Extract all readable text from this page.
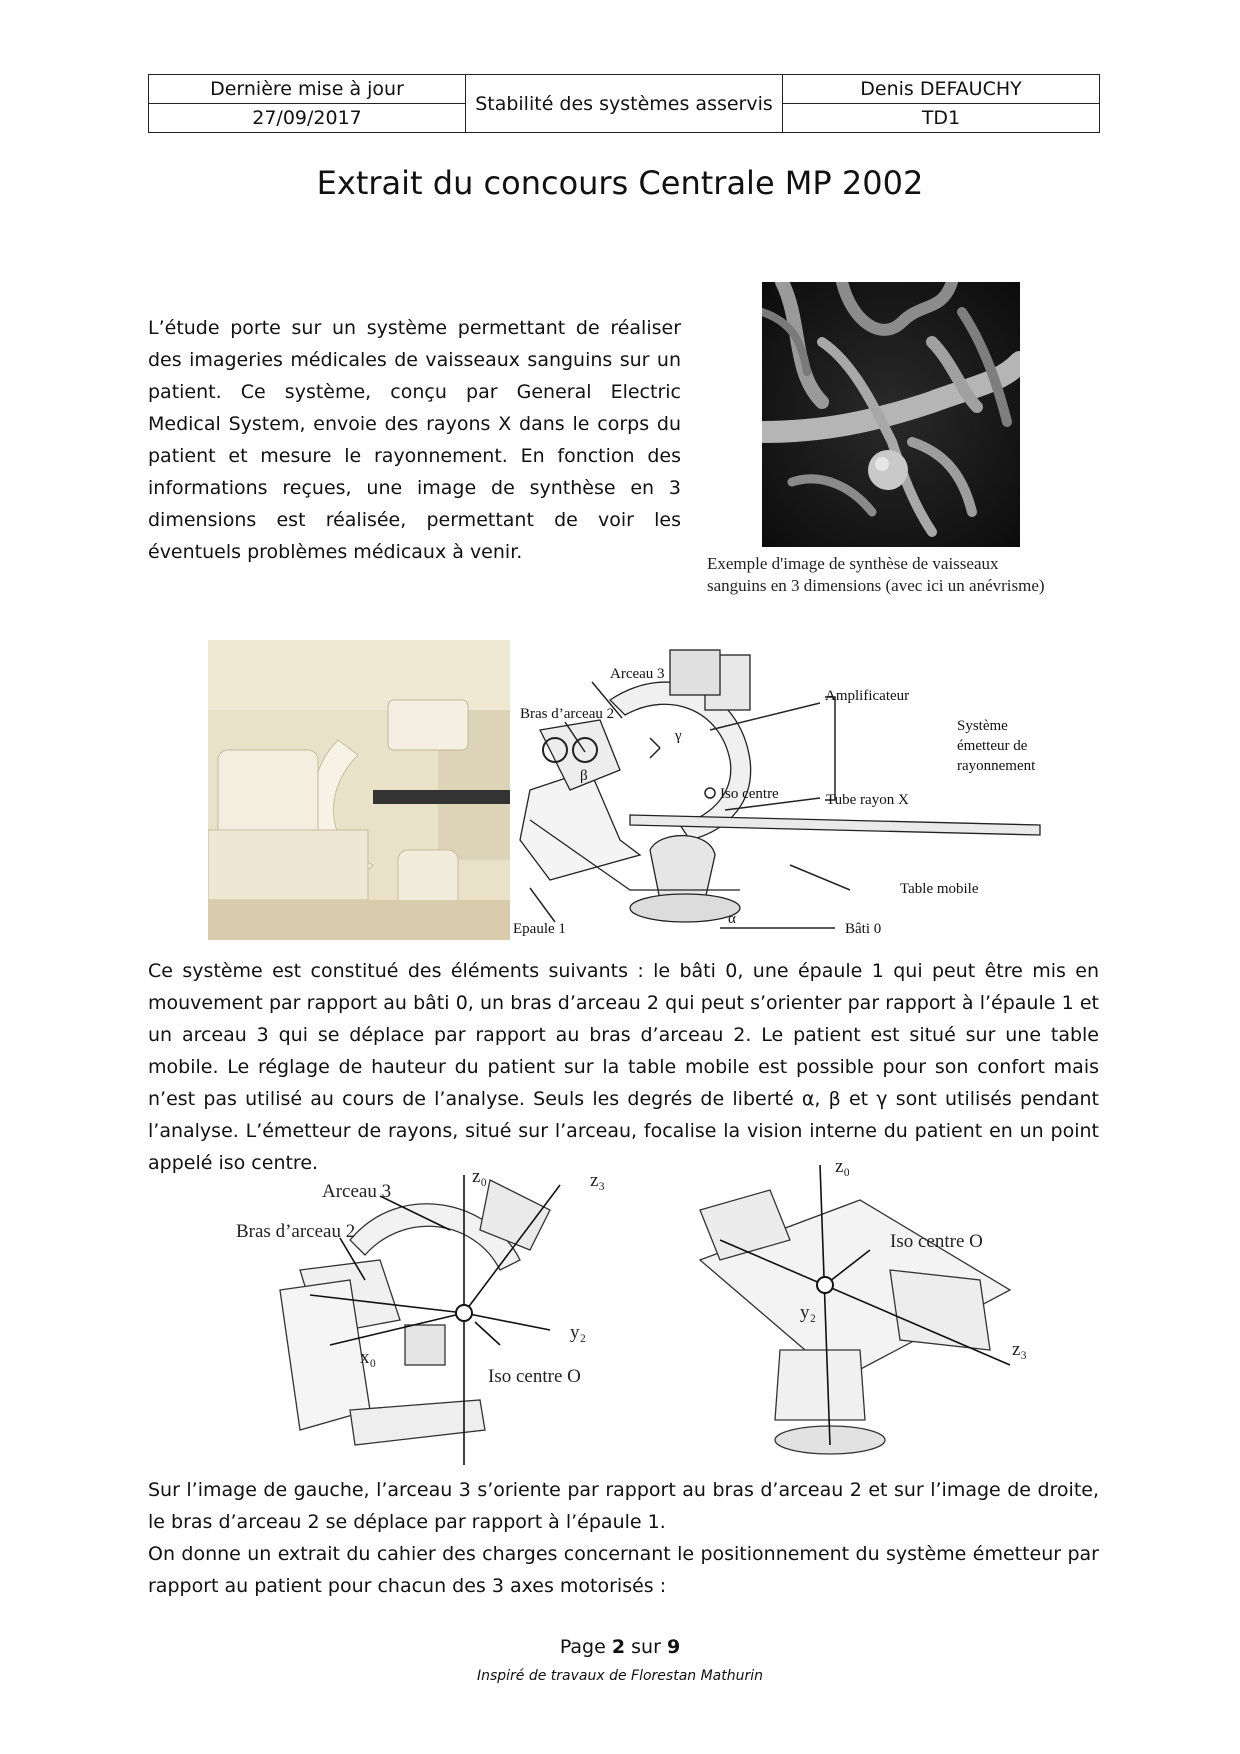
Dernière mise à jour	Stabilité des systèmes asservis	Denis DEFAUCHY
27/09/2017		TD1
Extrait du concours Centrale MP 2002
L’étude porte sur un système permettant de réaliser des imageries médicales de vaisseaux sanguins sur un patient. Ce système, conçu par General Electric Medical System, envoie des rayons X dans le corps du patient et mesure le rayonnement. En fonction des informations reçues, une image de synthèse en 3 dimensions est réalisée, permettant de voir les éventuels problèmes médicaux à venir.
Exemple d'image de synthèse de vaisseaux
sanguins en 3 dimensions (avec ici un anévrisme)
Arceau 3
Bras d’arceau 2
Amplificateur
Système
émetteur de
rayonnement
Iso centre	Tube rayon X
Table mobile
Epaule 1	Bâti 0
γ
β
α
Ce système est constitué des éléments suivants : le bâti 0, une épaule 1 qui peut être mis en mouvement par rapport au bâti 0, un bras d’arceau 2 qui peut s’orienter par rapport à l’épaule 1 et un arceau 3 qui se déplace par rapport au bras d’arceau 2. Le patient est situé sur une table mobile. Le réglage de hauteur du patient sur la table mobile est possible pour son confort mais n’est pas utilisé au cours de l’analyse. Seuls les degrés de liberté α, β et γ sont utilisés pendant l’analyse. L’émetteur de rayons, situé sur l’arceau, focalise la vision interne du patient en un point appelé iso centre.
Arceau 3
Bras d’arceau 2
Iso centre O
z₀	z₃
y₂
x₀
Iso centre O
z₀
y₂
z₃
Sur l’image de gauche, l’arceau 3 s’oriente par rapport au bras d’arceau 2 et sur l’image de droite, le bras d’arceau 2 se déplace par rapport à l’épaule 1.
On donne un extrait du cahier des charges concernant le positionnement du système émetteur par rapport au patient pour chacun des 3 axes motorisés :
Page 2 sur 9
Inspiré de travaux de Florestan Mathurin
